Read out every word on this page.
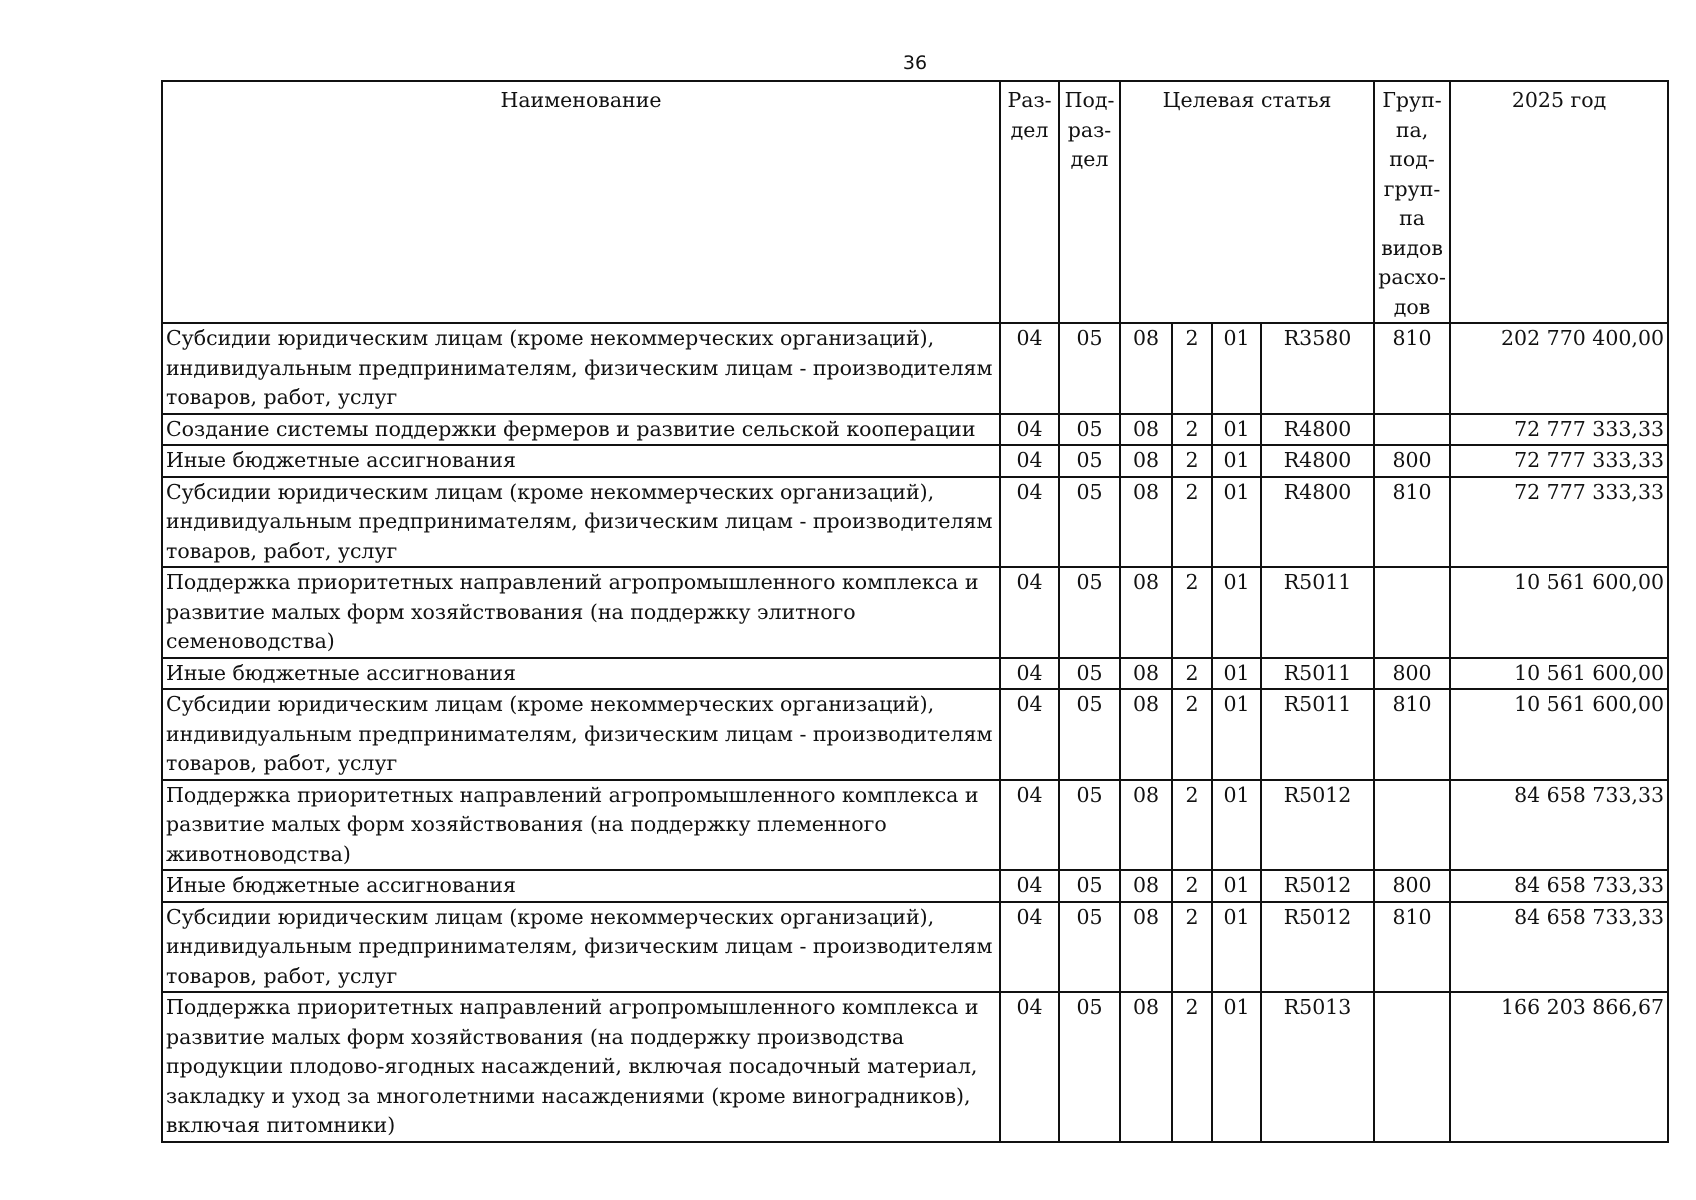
36
Наименование	Раз- дел	Под- раз- дел	Целевая статья				Груп- па, под- груп- па видов расхо- дов	2025 год
Субсидии юридическим лицам (кроме некоммерческих организаций), индивидуальным предпринимателям, физическим лицам - производителям товаров, работ, услуг	04	05	08	2	01	R3580	810	202 770 400,00
Создание системы поддержки фермеров и развитие сельской кооперации	04	05	08	2	01	R4800		72 777 333,33
Иные бюджетные ассигнования	04	05	08	2	01	R4800	800	72 777 333,33
Субсидии юридическим лицам (кроме некоммерческих организаций), индивидуальным предпринимателям, физическим лицам - производителям товаров, работ, услуг	04	05	08	2	01	R4800	810	72 777 333,33
Поддержка приоритетных направлений агропромышленного комплекса и развитие малых форм хозяйствования (на поддержку элитного семеноводства)	04	05	08	2	01	R5011		10 561 600,00
Иные бюджетные ассигнования	04	05	08	2	01	R5011	800	10 561 600,00
Субсидии юридическим лицам (кроме некоммерческих организаций), индивидуальным предпринимателям, физическим лицам - производителям товаров, работ, услуг	04	05	08	2	01	R5011	810	10 561 600,00
Поддержка приоритетных направлений агропромышленного комплекса и развитие малых форм хозяйствования (на поддержку племенного животноводства)	04	05	08	2	01	R5012		84 658 733,33
Иные бюджетные ассигнования	04	05	08	2	01	R5012	800	84 658 733,33
Субсидии юридическим лицам (кроме некоммерческих организаций), индивидуальным предпринимателям, физическим лицам - производителям товаров, работ, услуг	04	05	08	2	01	R5012	810	84 658 733,33
Поддержка приоритетных направлений агропромышленного комплекса и развитие малых форм хозяйствования (на поддержку производства продукции плодово-ягодных насаждений, включая посадочный материал, закладку и уход за многолетними насаждениями (кроме виноградников), включая питомники)	04	05	08	2	01	R5013		166 203 866,67
